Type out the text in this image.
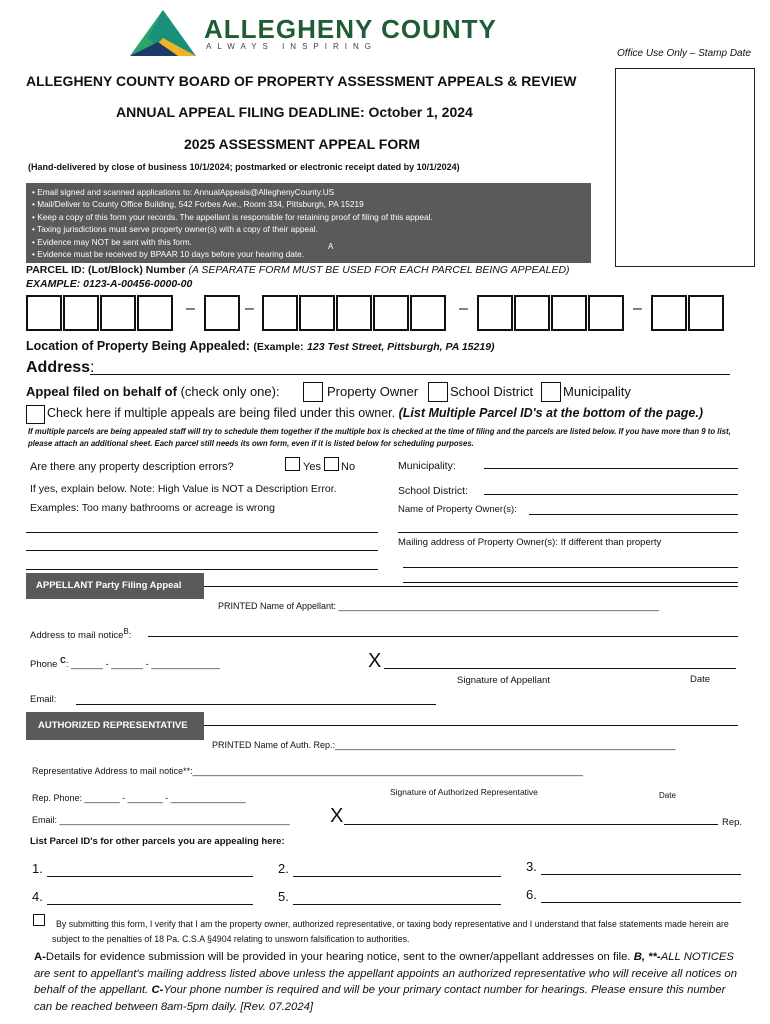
ALLEGHENY COUNTY
ALWAYS INSPIRING
Office Use Only – Stamp Date
ALLEGHENY COUNTY BOARD OF PROPERTY ASSESSMENT APPEALS & REVIEW
ANNUAL APPEAL FILING DEADLINE: October 1, 2024
2025 ASSESSMENT APPEAL FORM
(Hand-delivered by close of business 10/1/2024; postmarked or electronic receipt dated by 10/1/2024)
• Email signed and scanned applications to: AnnualAppeals@AlleghenyCounty.US
• Mail/Deliver to County Office Building, 542 Forbes Ave., Room 334, Pittsburgh, PA 15219
• Keep a copy of this form your records. The appellant is responsible for retaining proof of filing of this appeal.
• Taxing jurisdictions must serve property owner(s) with a copy of their appeal.
• Evidence may NOT be sent with this form.
• Evidence must be received by BPAAR 10 days before your hearing date.
A
PARCEL ID: (Lot/Block) Number (A SEPARATE FORM MUST BE USED FOR EACH PARCEL BEING APPEALED)
EXAMPLE: 0123-A-00456-0000-00
–	–	–	–
Location of Property Being Appealed: (Example: 123 Test Street, Pittsburgh, PA 15219)
Address:
Appeal filed on behalf of (check only one):	Property Owner School District Municipality
Check here if multiple appeals are being filed under this owner. (List Multiple Parcel ID's at the bottom of the page.)
If multiple parcels are being appealed staff will try to schedule them together if the multiple box is checked at the time of filing and the parcels are listed below. If you have more than 9 to list, please attach an additional sheet. Each parcel still needs its own form, even if it is listed below for scheduling purposes.
Are there any property description errors?	Yes No
If yes, explain below. Note: High Value is NOT a Description Error.
Examples: Too many bathrooms or acreage is wrong
Municipality:
School District:
Name of Property Owner(s):
Mailing address of Property Owner(s): If different than property
APPELLANT Party Filing Appeal
PRINTED Name of Appellant: ________________________________________________________________
Address to mail notice$^B$:
Phone $^C$: ______ - ______ - _____________	X
Signature of Appellant	Date
Email:
AUTHORIZED REPRESENTATIVE
PRINTED Name of Auth. Rep.:____________________________________________________________________
Representative Address to mail notice**:______________________________________________________________________________
Signature of Authorized Representative	Date
Rep. Phone: _______ - _______ - _______________
Email: ______________________________________________ X	Rep.
List Parcel ID's for other parcels you are appealing here:
1.	2.	3.
4.	5.	6.
By submitting this form, I verify that I am the property owner, authorized representative, or taxing body representative and I understand that false statements made herein are subject to the penalties of 18 Pa. C.S.A §4904 relating to unsworn falsification to authorities.
A-Details for evidence submission will be provided in your hearing notice, sent to the owner/appellant addresses on file. B, **-ALL NOTICES are sent to appellant's mailing address listed above unless the appellant appoints an authorized representative who will receive all notices on behalf of the appellant. C-Your phone number is required and will be your primary contact number for hearings. Please ensure this number can be reached between 8am-5pm daily. [Rev. 07.2024]
